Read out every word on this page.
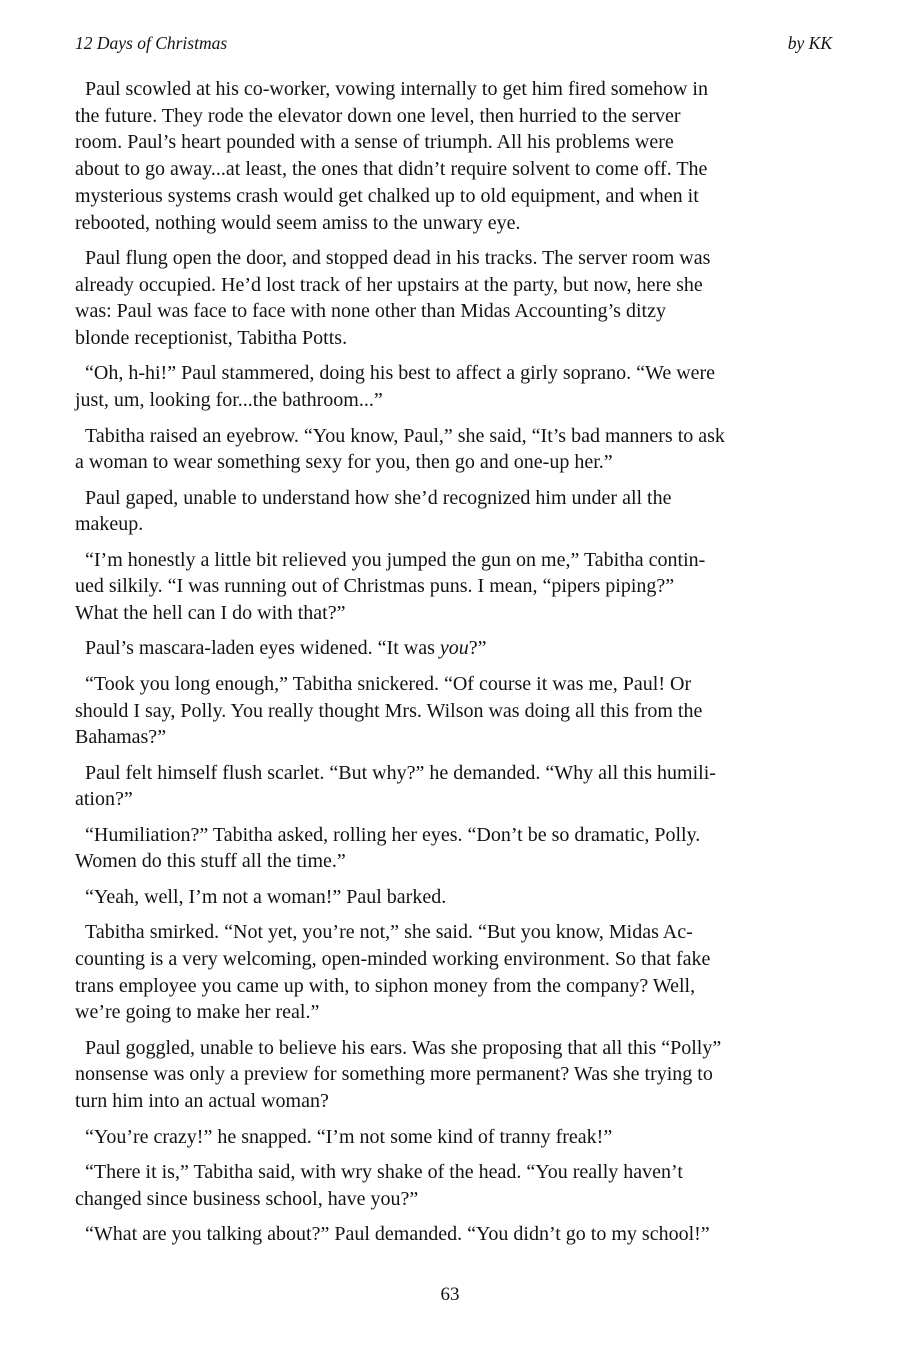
12 Days of Christmas	by KK

Paul scowled at his co-worker, vowing internally to get him fired somehow in
the future. They rode the elevator down one level, then hurried to the server
room. Paul’s heart pounded with a sense of triumph. All his problems were
about to go away...at least, the ones that didn’t require solvent to come off. The
mysterious systems crash would get chalked up to old equipment, and when it
rebooted, nothing would seem amiss to the unwary eye.

Paul flung open the door, and stopped dead in his tracks. The server room was
already occupied. He’d lost track of her upstairs at the party, but now, here she
was: Paul was face to face with none other than Midas Accounting’s ditzy
blonde receptionist, Tabitha Potts.

“Oh, h-hi!” Paul stammered, doing his best to affect a girly soprano. “We were
just, um, looking for...the bathroom...”

Tabitha raised an eyebrow. “You know, Paul,” she said, “It’s bad manners to ask
a woman to wear something sexy for you, then go and one-up her.”

Paul gaped, unable to understand how she’d recognized him under all the
makeup.

“I’m honestly a little bit relieved you jumped the gun on me,” Tabitha contin-
ued silkily. “I was running out of Christmas puns. I mean, “pipers piping?”
What the hell can I do with that?”

Paul’s mascara-laden eyes widened. “It was you?”

“Took you long enough,” Tabitha snickered. “Of course it was me, Paul! Or
should I say, Polly. You really thought Mrs. Wilson was doing all this from the
Bahamas?”

Paul felt himself flush scarlet. “But why?” he demanded. “Why all this humili-
ation?”

“Humiliation?” Tabitha asked, rolling her eyes. “Don’t be so dramatic, Polly.
Women do this stuff all the time.”

“Yeah, well, I’m not a woman!” Paul barked.

Tabitha smirked. “Not yet, you’re not,” she said. “But you know, Midas Ac-
counting is a very welcoming, open-minded working environment. So that fake
trans employee you came up with, to siphon money from the company? Well,
we’re going to make her real.”

Paul goggled, unable to believe his ears. Was she proposing that all this “Polly”
nonsense was only a preview for something more permanent? Was she trying to
turn him into an actual woman?

“You’re crazy!” he snapped. “I’m not some kind of tranny freak!”

“There it is,” Tabitha said, with wry shake of the head. “You really haven’t
changed since business school, have you?”

“What are you talking about?” Paul demanded. “You didn’t go to my school!”

63
